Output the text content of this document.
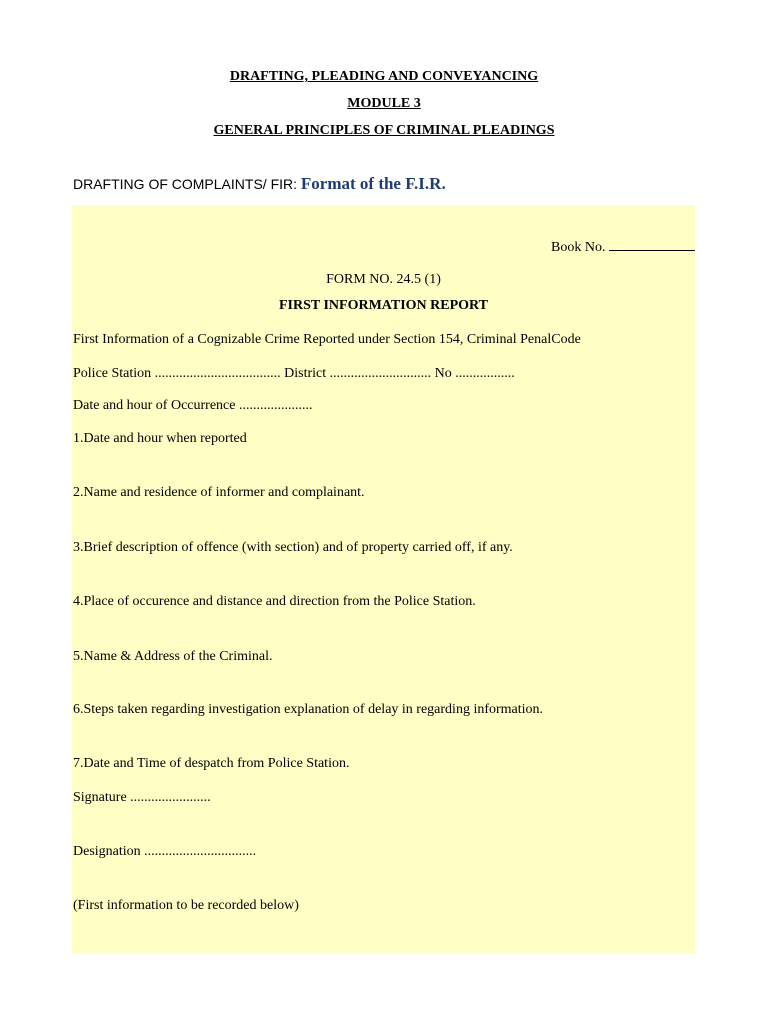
DRAFTING, PLEADING AND CONVEYANCING
MODULE 3
GENERAL PRINCIPLES OF CRIMINAL PLEADINGS
DRAFTING OF COMPLAINTS/ FIR: Format of the F.I.R.
Book No.
FORM NO. 24.5 (1)
FIRST INFORMATION REPORT
First Information of a Cognizable Crime Reported under Section 154, Criminal PenalCode
Police Station .................................... District ............................. No .................
Date and hour of Occurrence .....................
1.Date and hour when reported
2.Name and residence of informer and complainant.
3.Brief description of offence (with section) and of property carried off, if any.
4.Place of occurence and distance and direction from the Police Station.
5.Name & Address of the Criminal.
6.Steps taken regarding investigation explanation of delay in regarding information.
7.Date and Time of despatch from Police Station.
Signature .......................
Designation ................................
(First information to be recorded below)
